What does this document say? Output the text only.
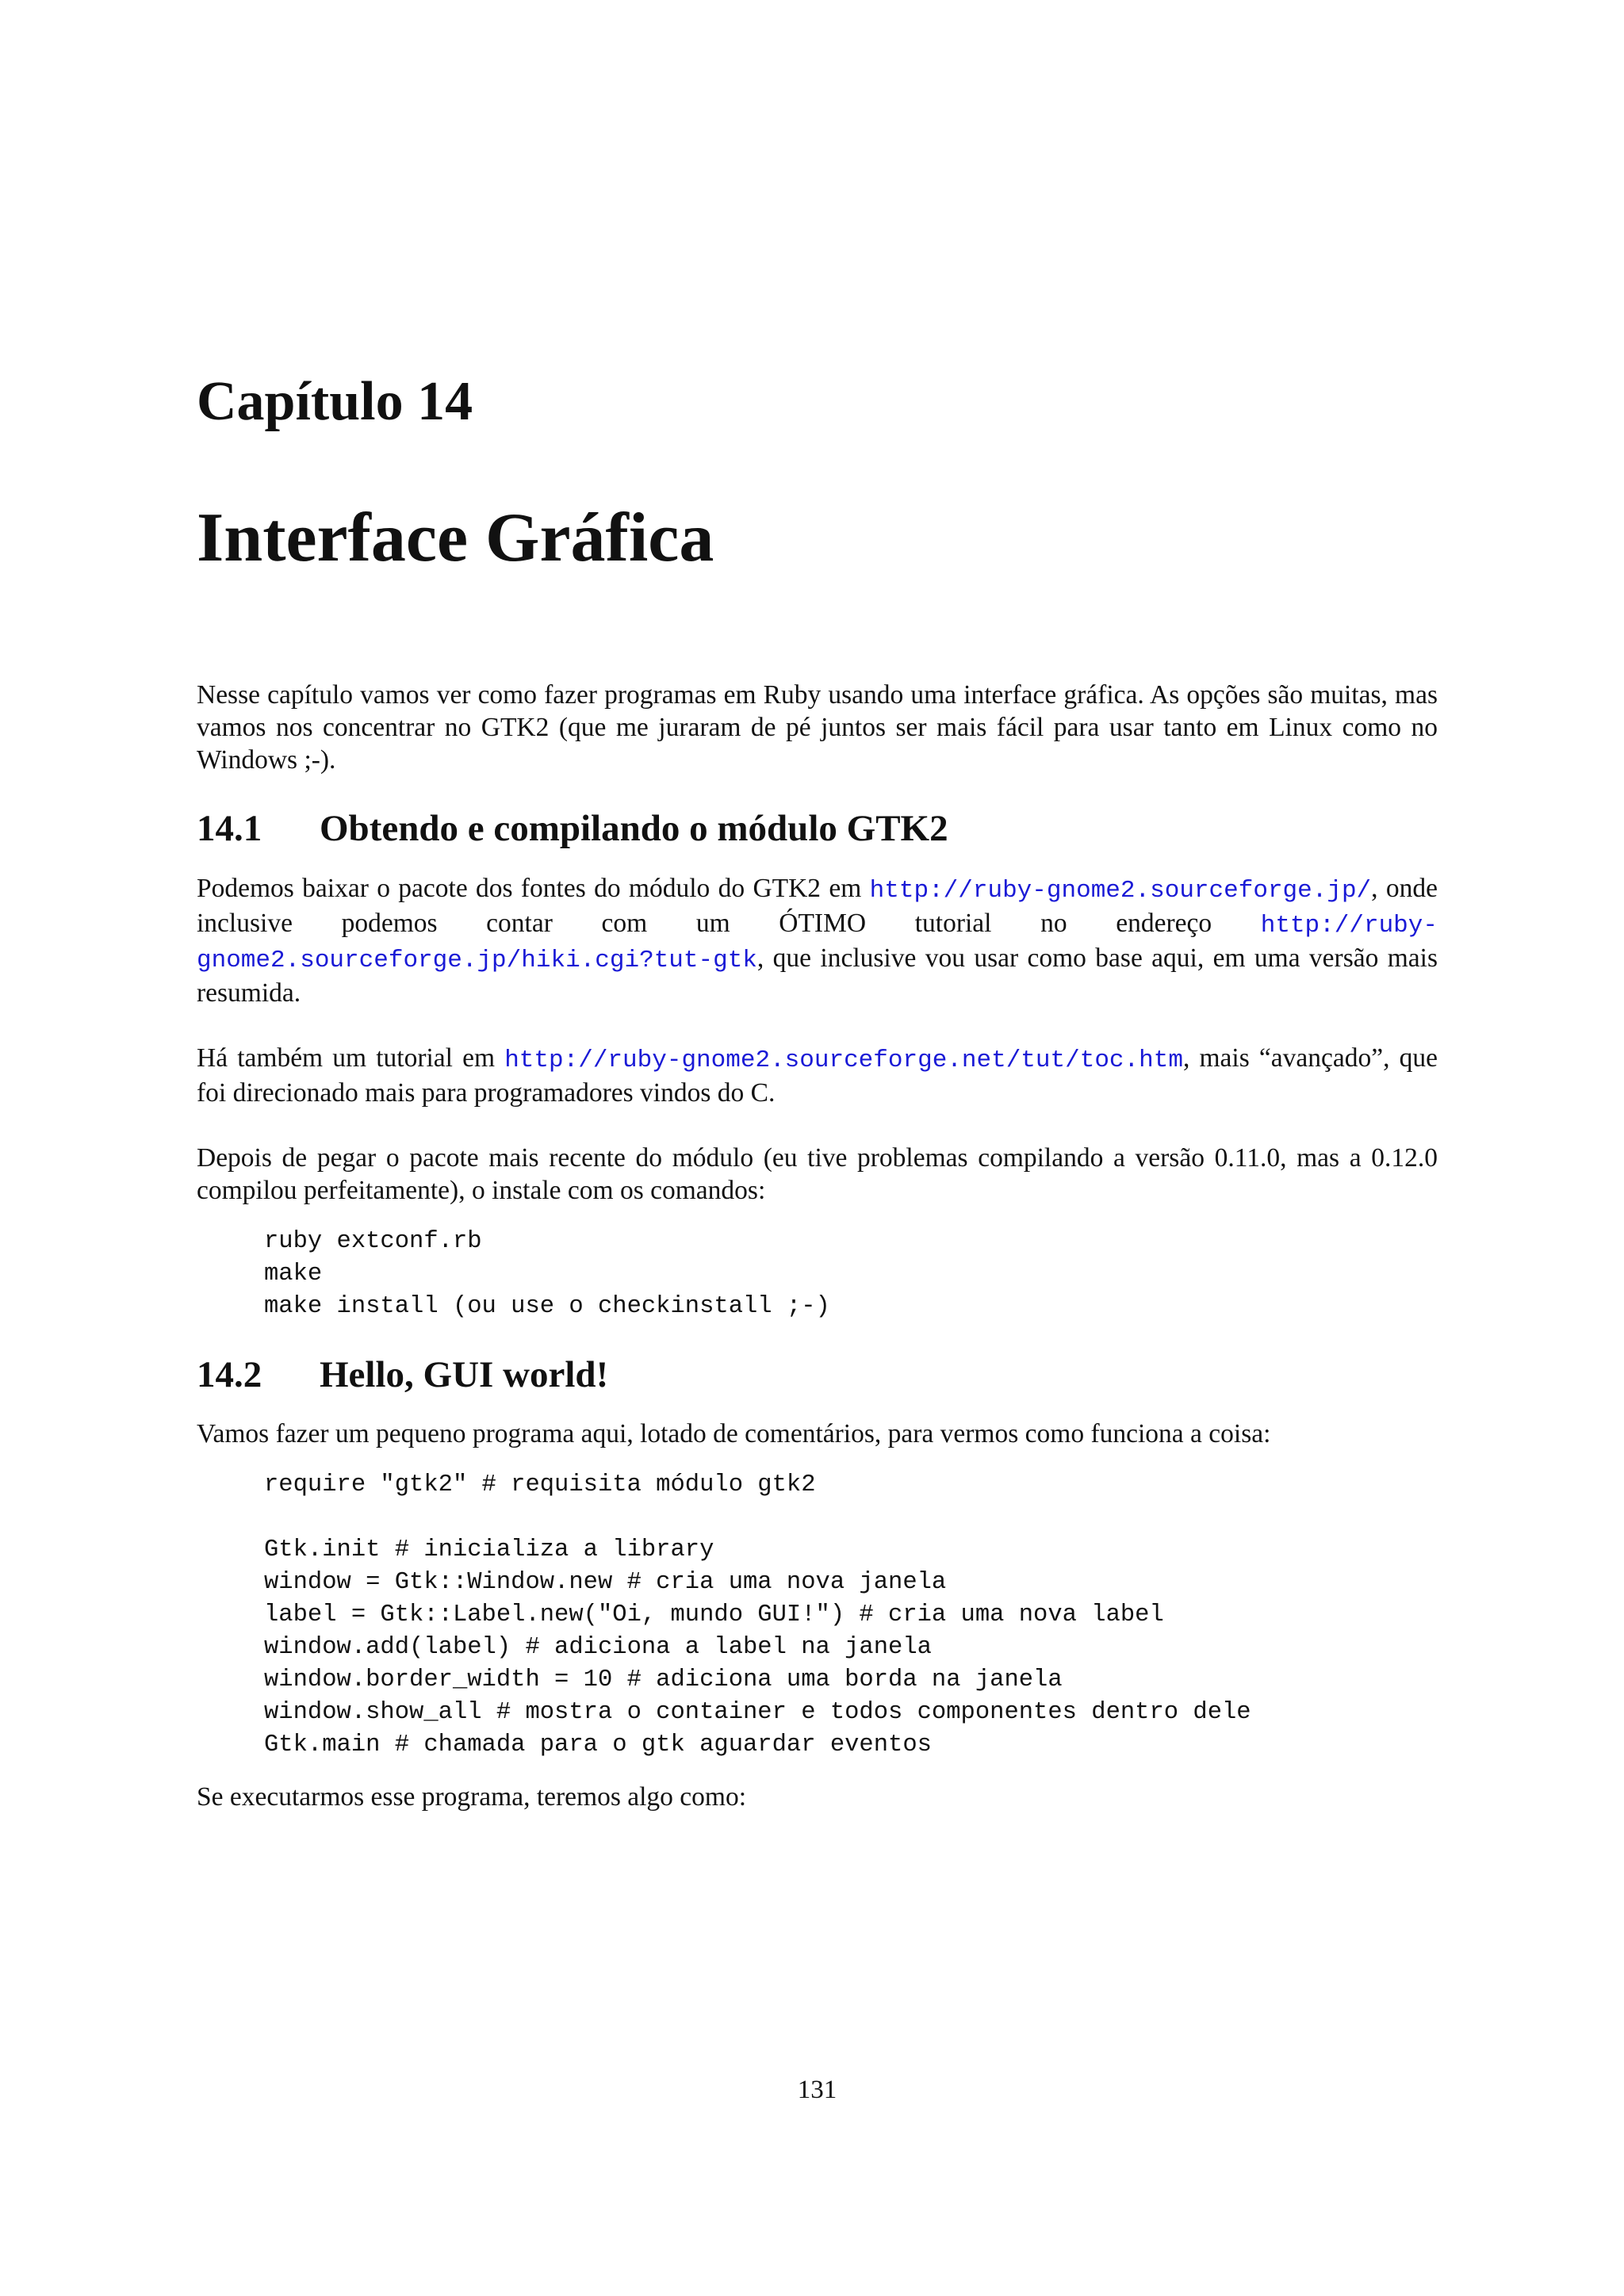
Capítulo 14
Interface Gráfica

Nesse capítulo vamos ver como fazer programas em Ruby usando uma interface gráfica. As opções são muitas, mas vamos nos concentrar no GTK2 (que me juraram de pé juntos ser mais fácil para usar tanto em Linux como no Windows ;-).

14.1 Obtendo e compilando o módulo GTK2

Podemos baixar o pacote dos fontes do módulo do GTK2 em http://ruby-gnome2.sourceforge.jp/, onde inclusive podemos contar com um ÓTIMO tutorial no endereço http://ruby-gnome2.sourceforge.jp/hiki.cgi?tut-gtk, que inclusive vou usar como base aqui, em uma versão mais resumida.

Há também um tutorial em http://ruby-gnome2.sourceforge.net/tut/toc.htm, mais “avançado”, que foi direcionado mais para programadores vindos do C.

Depois de pegar o pacote mais recente do módulo (eu tive problemas compilando a versão 0.11.0, mas a 0.12.0 compilou perfeitamente), o instale com os comandos:

ruby extconf.rb
make
make install (ou use o checkinstall ;-)
14.2 Hello, GUI world!

Vamos fazer um pequeno programa aqui, lotado de comentários, para vermos como funciona a coisa:

require "gtk2" # requisita módulo gtk2
Gtk.init # inicializa a library
window = Gtk::Window.new # cria uma nova janela
label = Gtk::Label.new("Oi, mundo GUI!") # cria uma nova label
window.add(label) # adiciona a label na janela
window.border_width = 10 # adiciona uma borda na janela
window.show_all # mostra o container e todos componentes dentro dele
Gtk.main # chamada para o gtk aguardar eventos

Se executarmos esse programa, teremos algo como:

131
